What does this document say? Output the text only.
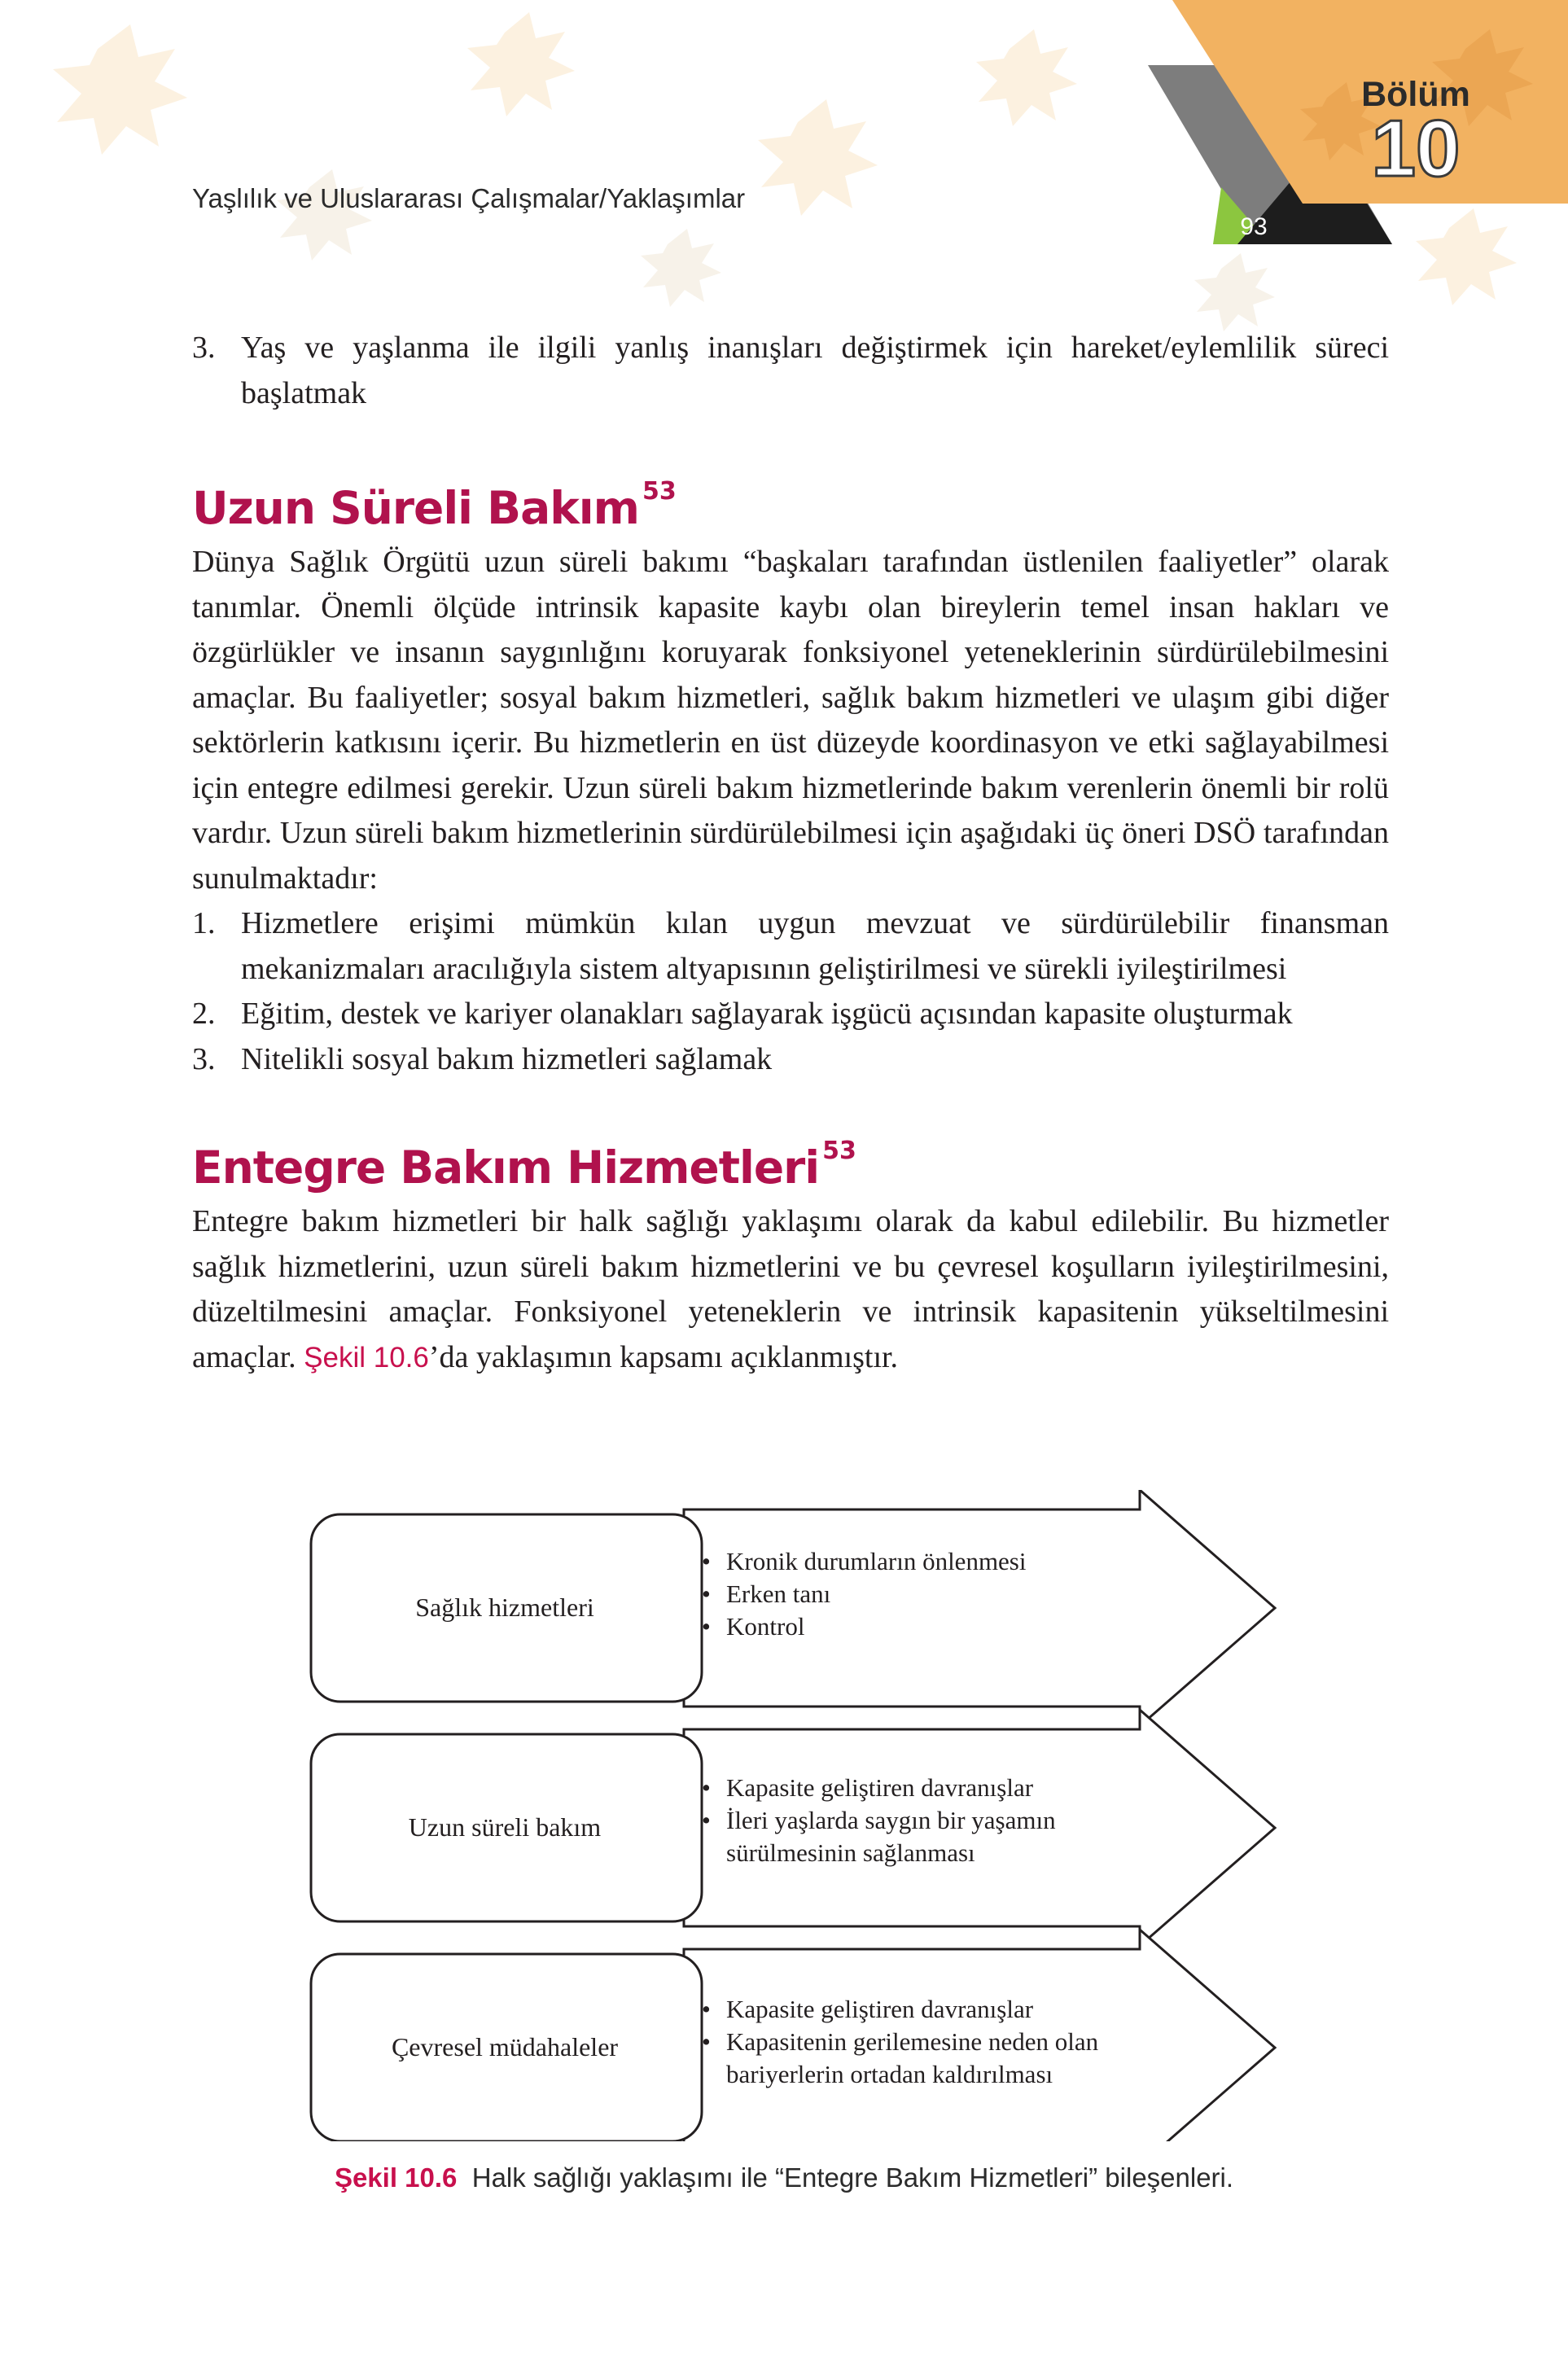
Bölüm
10
93
Yaşlılık ve Uluslararası Çalışmalar/Yaklaşımlar
3. Yaş ve yaşlanma ile ilgili yanlış inanışları değiştirmek için hareket/eylemlilik süreci başlatmak
Uzun Süreli Bakım $^{53}$

Dünya Sağlık Örgütü uzun süreli bakımı “başkaları tarafından üstlenilen faaliyetler” olarak tanımlar. Önemli ölçüde intrinsik kapasite kaybı olan bireylerin temel insan hakları ve özgürlükler ve insanın saygınlığını koruyarak fonksiyonel yeteneklerinin sürdürülebilmesini amaçlar. Bu faaliyetler; sosyal bakım hizmetleri, sağlık bakım hizmetleri ve ulaşım gibi diğer sektörlerin katkısını içerir. Bu hizmetlerin en üst düzeyde koordinasyon ve etki sağlayabilmesi için entegre edilmesi gerekir. Uzun süreli bakım hizmetlerinde bakım verenlerin önemli bir rolü vardır. Uzun süreli bakım hizmetlerinin sürdürülebilmesi için aşağıdaki üç öneri DSÖ tarafından sunulmaktadır:

1. Hizmetlere erişimi mümkün kılan uygun mevzuat ve sürdürülebilir finansman mekanizmaları aracılığıyla sistem altyapısının geliştirilmesi ve sürekli iyileştirilmesi
2. Eğitim, destek ve kariyer olanakları sağlayarak işgücü açısından kapasite oluşturmak
3. Nitelikli sosyal bakım hizmetleri sağlamak
Entegre Bakım Hizmetleri $^{53}$

Entegre bakım hizmetleri bir halk sağlığı yaklaşımı olarak da kabul edilebilir. Bu hizmetler sağlık hizmetlerini, uzun süreli bakım hizmetlerini ve bu çevresel koşulların iyileştirilmesini, düzeltilmesini amaçlar. Fonksiyonel yeteneklerin ve intrinsik kapasitenin yükseltilmesini amaçlar. Şekil 10.6’da yaklaşımın kapsamı açıklanmıştır.

Sağlık hizmetleri
• Kronik durumların önlenmesi
• Erken tanı
• Kontrol
Uzun süreli bakım
• Kapasite geliştiren davranışlar
• İleri yaşlarda saygın bir yaşamın sürülmesinin sağlanması
Çevresel müdahaleler
• Kapasite geliştiren davranışlar
• Kapasitenin gerilemesine neden olan bariyerlerin ortadan kaldırılması
Şekil 10.6 Halk sağlığı yaklaşımı ile “Entegre Bakım Hizmetleri” bileşenleri.
